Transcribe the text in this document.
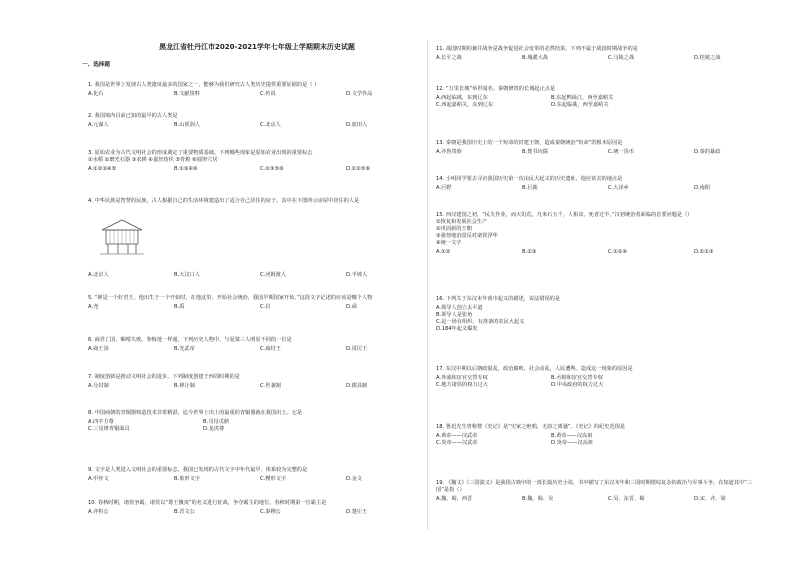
黑龙江省牡丹江市2020-2021学年七年级上学期期末历史试题
一、选择题
1. 我国是世界上发现古人类遗址最多的国家之一，能够为我们研究古人类历史提供重要证据的是（ ）
A.化石	B.文献资料	C.传说	D.文学作品
2. 我国境内目前已知的最早的古人类是
A.元谋人	B.山顶洞人	C.北京人	D.蓝田人
3. 原始农业为古代文明社会的形成奠定了重要物质基础。下列哪些现象是原始农业出现的重要标志
①水稻 ②磨光石器 ③农耕 ④蚕丝纺织 ⑤骨耜 ⑥圆形穴居
A.①②③④⑤	B.①③④⑥	C.②③⑤⑥	D.①②⑤⑥
4. 中华民族是智慧的民族，古人根据自己的生活环境建造出了适合自己居住的房子。其中在下图所示房屋中居住的人是
A.北京人	B.大汶口人	C.河姆渡人	D.半坡人
5. “禅是一个好君王。他出生于一个开始时，在他这里，开始社会统治，我国早期国家开始。”这段文字记述的应该是哪个人物
A.尧	B.禹	C.启	D.舜
6. 商君亡国，咽啃失败。参悔迷一样通，下列历史人物中，与夏桀三人明显不同的一位是
A.商王汤	B.光武帝	C.商纣王	D.周厉王
7. 制度创新是推动文明社会的进步。下列制度创建于西周时期的是
A.分封制	B.禅让制	C.世袭制	D.郡县制
8. 中国商朝的青铜器铸造技术非常精湛，迄今世界上出土的最重的青铜器就在我国出土。它是
A.四羊方尊	B.司母戊鼎
C.三星堆青铜面具	D.龙虎尊
9. 文字是人类进入文明社会的重要标志，我国已发现的古代文字中年代最早、体系较为完整的是
A.甲骨文	B.象形文字	C.楔形文字	D.金文
10. 春秋时期，诸侯争霸，诸侯以“尊王攘夷”的名义进行征战，争夺霸主的地位。春秋时期第一位霸主是
A.齐桓公	B.晋文公	C.秦穆公	D.楚庄王
11. 战国时期的兼并战争是战争促进社会变革的必然结果。下列不属于战国时期战争的是
A.长平之战	B.城濮大战	C.马陵之战	D.桂陵之战
12. “万里长城”举世闻名。秦朝修筑的长城起止点是
A.西起临洮，东到辽东	B.东起鸭绿江，西至嘉峪关
C.西起嘉峪关，东到辽东	D.东起临洮，西至嘉峪关
13. 秦朝是我国历史上的一个短命的封建王朝，造成秦朝统治“短命”的根本原因是
A.齐鲁贵族	B.焚书坑儒	C.统一货币	D.秦的暴政
14. 小明同学要去寻访我国历史第一次由民大起义的历史遗址，他应该去的地点是
A.巨野	B.巨鹿	C.大泽乡	D.南阳
15. 西汉建国之初，“民失作业，而大饥荒，凡米石五千，人相食，死者过半。”汉初统治者面临的首要问题是（）
①恢复和发展社会生产
②巩固新的王朝
③强势地治国反对诸侯浮华
④统一文字
A.①②	B.②③	C.①②④	D.①②③
16. 下列关于东汉末年黄巾起义的描述，说法错误的是
A.领导人创立太平道
B.领导人是张角
C.是一场有组织、有准备的农民大起义
D.184年起义爆发
17. 东汉中期以后朝政混乱，政治腐败，社会动乱，人民遭殃。造成这一现象的原因是
A.外戚和宦官交替专权	B.丞相和宦官交替专权
C.地方诸侯的权力过大	D.中央政府的权力过大
18. 鲁迅先生曾称赞《史记》是“史家之绝唱，无韵之离骚”。《史记》的纪史范围是
A.黄帝——汉武帝	B.黄帝——汉高祖
C.炎帝——汉武帝	D.炎帝——汉高祖
19. 《魏文》《三国演义》是我国古典中的一部长篇历史小说，书中描写了东汉末年和三国时期错综复杂的政治与军事斗争。在知道其中“三国”是指（）
A.魏、蜀、西晋	B.魏、蜀、吴	C.吴、东晋、蜀	D.宋、齐、梁
